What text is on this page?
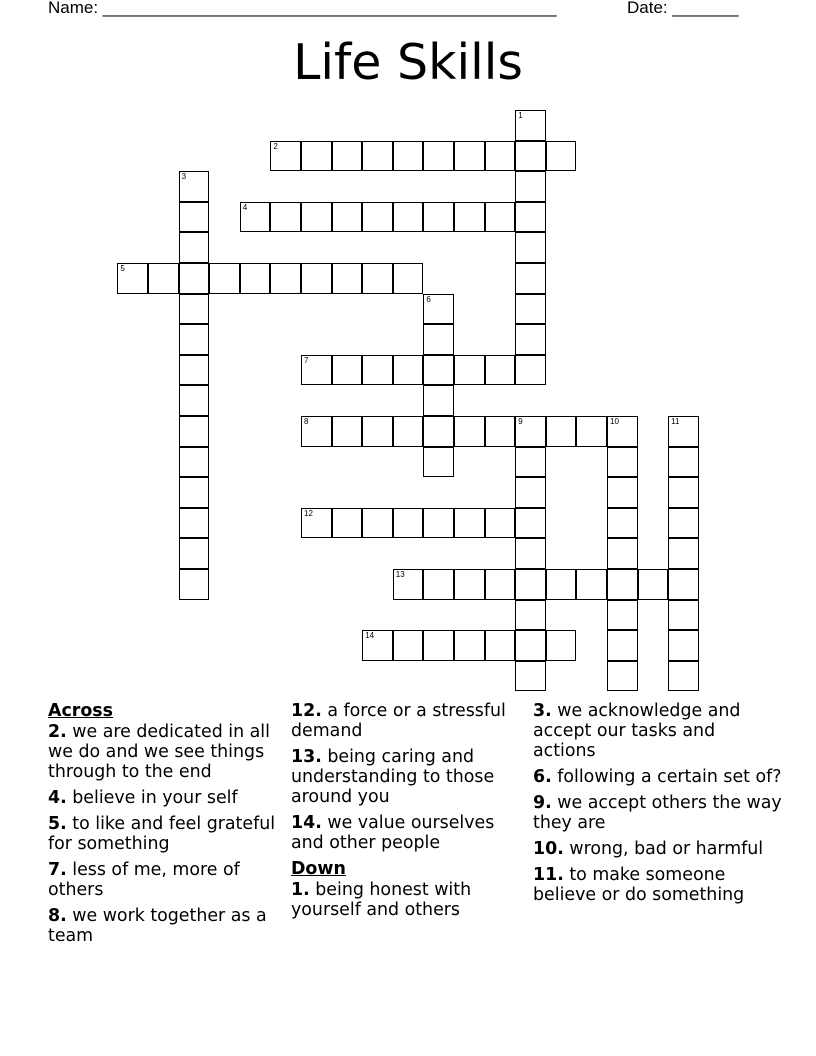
Name: ________________________________________________	Date: _______
Life Skills
1
2
3
4
5
6
7
8	9	10	11
12
13
14
Across
2. we are dedicated in all we do and we see things through to the end
4. believe in your self
5. to like and feel grateful for something
7. less of me, more of others
8. we work together as a team
12. a force or a stressful demand
13. being caring and understanding to those around you
14. we value ourselves and other people
Down
1. being honest with yourself and others
3. we acknowledge and accept our tasks and actions
6. following a certain set of?
9. we accept others the way they are
10. wrong, bad or harmful
11. to make someone believe or do something
